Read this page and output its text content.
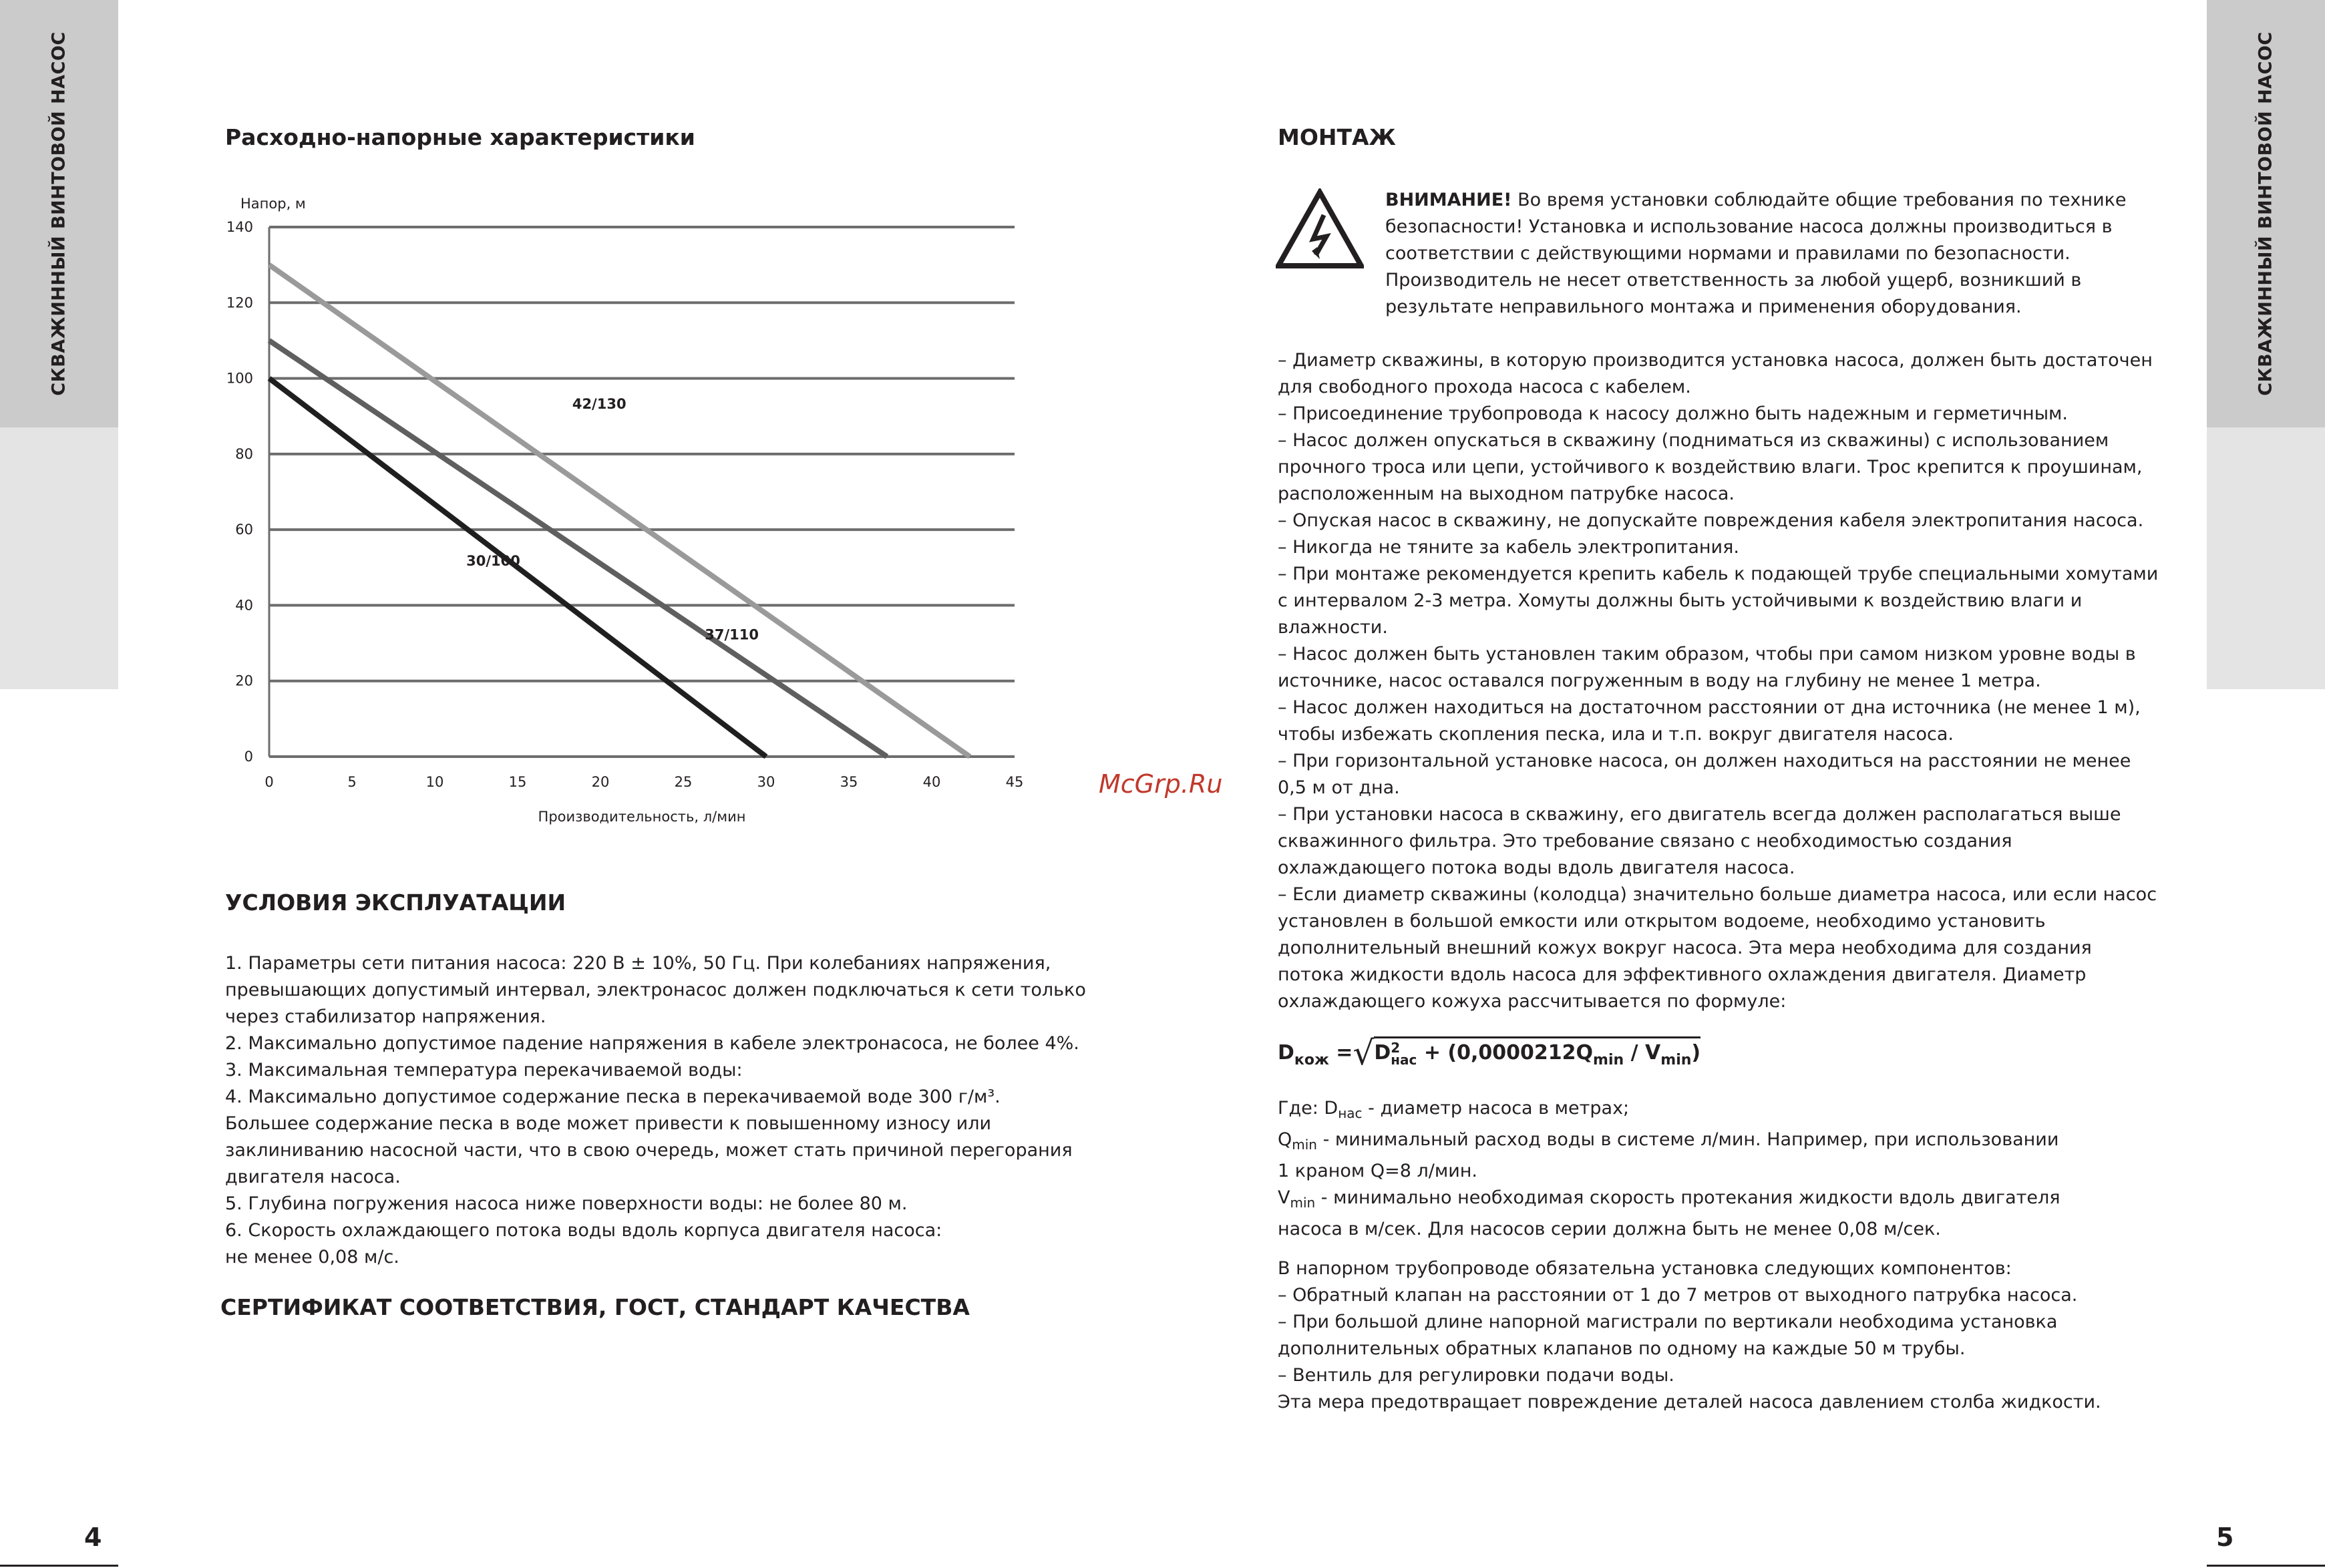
СКВАЖИННЫЙ ВИНТОВОЙ НАСОС	СКВАЖИННЫЙ ВИНТОВОЙ НАСОС
4	5
Расходно-напорные характеристики
Напор, м
0
20
40
60
80
100
120
140
0	5	10	15	20	25	30	35	40	45
Производительность, л/мин
30/100
37/110
42/130
УСЛОВИЯ ЭКСПЛУАТАЦИИ
1. Параметры сети питания насоса: 220 В ± 10%, 50 Гц. При колебаниях напряжения,
превышающих допустимый интервал, электронасос должен подключаться к сети только
через стабилизатор напряжения.
2. Максимально допустимое падение напряжения в кабеле электронасоса, не более 4%.
3. Максимальная температура перекачиваемой воды:
4. Максимально допустимое содержание песка в перекачиваемой воде 300 г/м³.
Большее содержание песка в воде может привести к повышенному износу или
заклиниванию насосной части, что в свою очередь, может стать причиной перегорания
двигателя насоса.
5. Глубина погружения насоса ниже поверхности воды: не более 80 м.
6. Скорость охлаждающего потока воды вдоль корпуса двигателя насоса:
не менее 0,08 м/с.
СЕРТИФИКАТ СООТВЕТСТВИЯ, ГОСТ, СТАНДАРТ КАЧЕСТВА
McGrp.Ru
МОНТАЖ
ВНИМАНИЕ! Во время установки соблюдайте общие требования по технике
безопасности! Установка и использование насоса должны производиться в
соответствии с действующими нормами и правилами по безопасности.
Производитель не несет ответственность за любой ущерб, возникший в
результате неправильного монтажа и применения оборудования.
– Диаметр скважины, в которую производится установка насоса, должен быть достаточен
для свободного прохода насоса с кабелем.
– Присоединение трубопровода к насосу должно быть надежным и герметичным.
– Насос должен опускаться в скважину (подниматься из скважины) с использованием
прочного троса или цепи, устойчивого к воздействию влаги. Трос крепится к проушинам,
расположенным на выходном патрубке насоса.
– Опуская насос в скважину, не допускайте повреждения кабеля электропитания насоса.
– Никогда не тяните за кабель электропитания.
– При монтаже рекомендуется крепить кабель к подающей трубе специальными хомутами
с интервалом 2-3 метра. Хомуты должны быть устойчивыми к воздействию влаги и
влажности.
– Насос должен быть установлен таким образом, чтобы при самом низком уровне воды в
источнике, насос оставался погруженным в воду на глубину не менее 1 метра.
– Насос должен находиться на достаточном расстоянии от дна источника (не менее 1 м),
чтобы избежать скопления песка, ила и т.п. вокруг двигателя насоса.
– При горизонтальной установке насоса, он должен находиться на расстоянии не менее
0,5 м от дна.
– При установки насоса в скважину, его двигатель всегда должен располагаться выше
скважинного фильтра. Это требование связано с необходимостью создания
охлаждающего потока воды вдоль двигателя насоса.
– Если диаметр скважины (колодца) значительно больше диаметра насоса, или если насос
установлен в большой емкости или открытом водоеме, необходимо установить
дополнительный внешний кожух вокруг насоса. Эта мера необходима для создания
потока жидкости вдоль насоса для эффективного охлаждения двигателя. Диаметр
охлаждающего кожуха рассчитывается по формуле:
$D_{кож} =√D$ 2
нас + $(0,0000212Q_{min} / V_{min})$
Где: $D_{нас}$ - диаметр насоса в метрах;
$Q_{min}$ - минимальный расход воды в системе л/мин. Например, при использовании
1 краном Q=8 л/мин.
$V_{min}$ - минимально необходимая скорость протекания жидкости вдоль двигателя
насоса в м/сек. Для насосов серии должна быть не менее 0,08 м/сек.
В напорном трубопроводе обязательна установка следующих компонентов:
– Обратный клапан на расстоянии от 1 до 7 метров от выходного патрубка насоса.
– При большой длине напорной магистрали по вертикали необходима установка
дополнительных обратных клапанов по одному на каждые 50 м трубы.
– Вентиль для регулировки подачи воды.
Эта мера предотвращает повреждение деталей насоса давлением столба жидкости.
